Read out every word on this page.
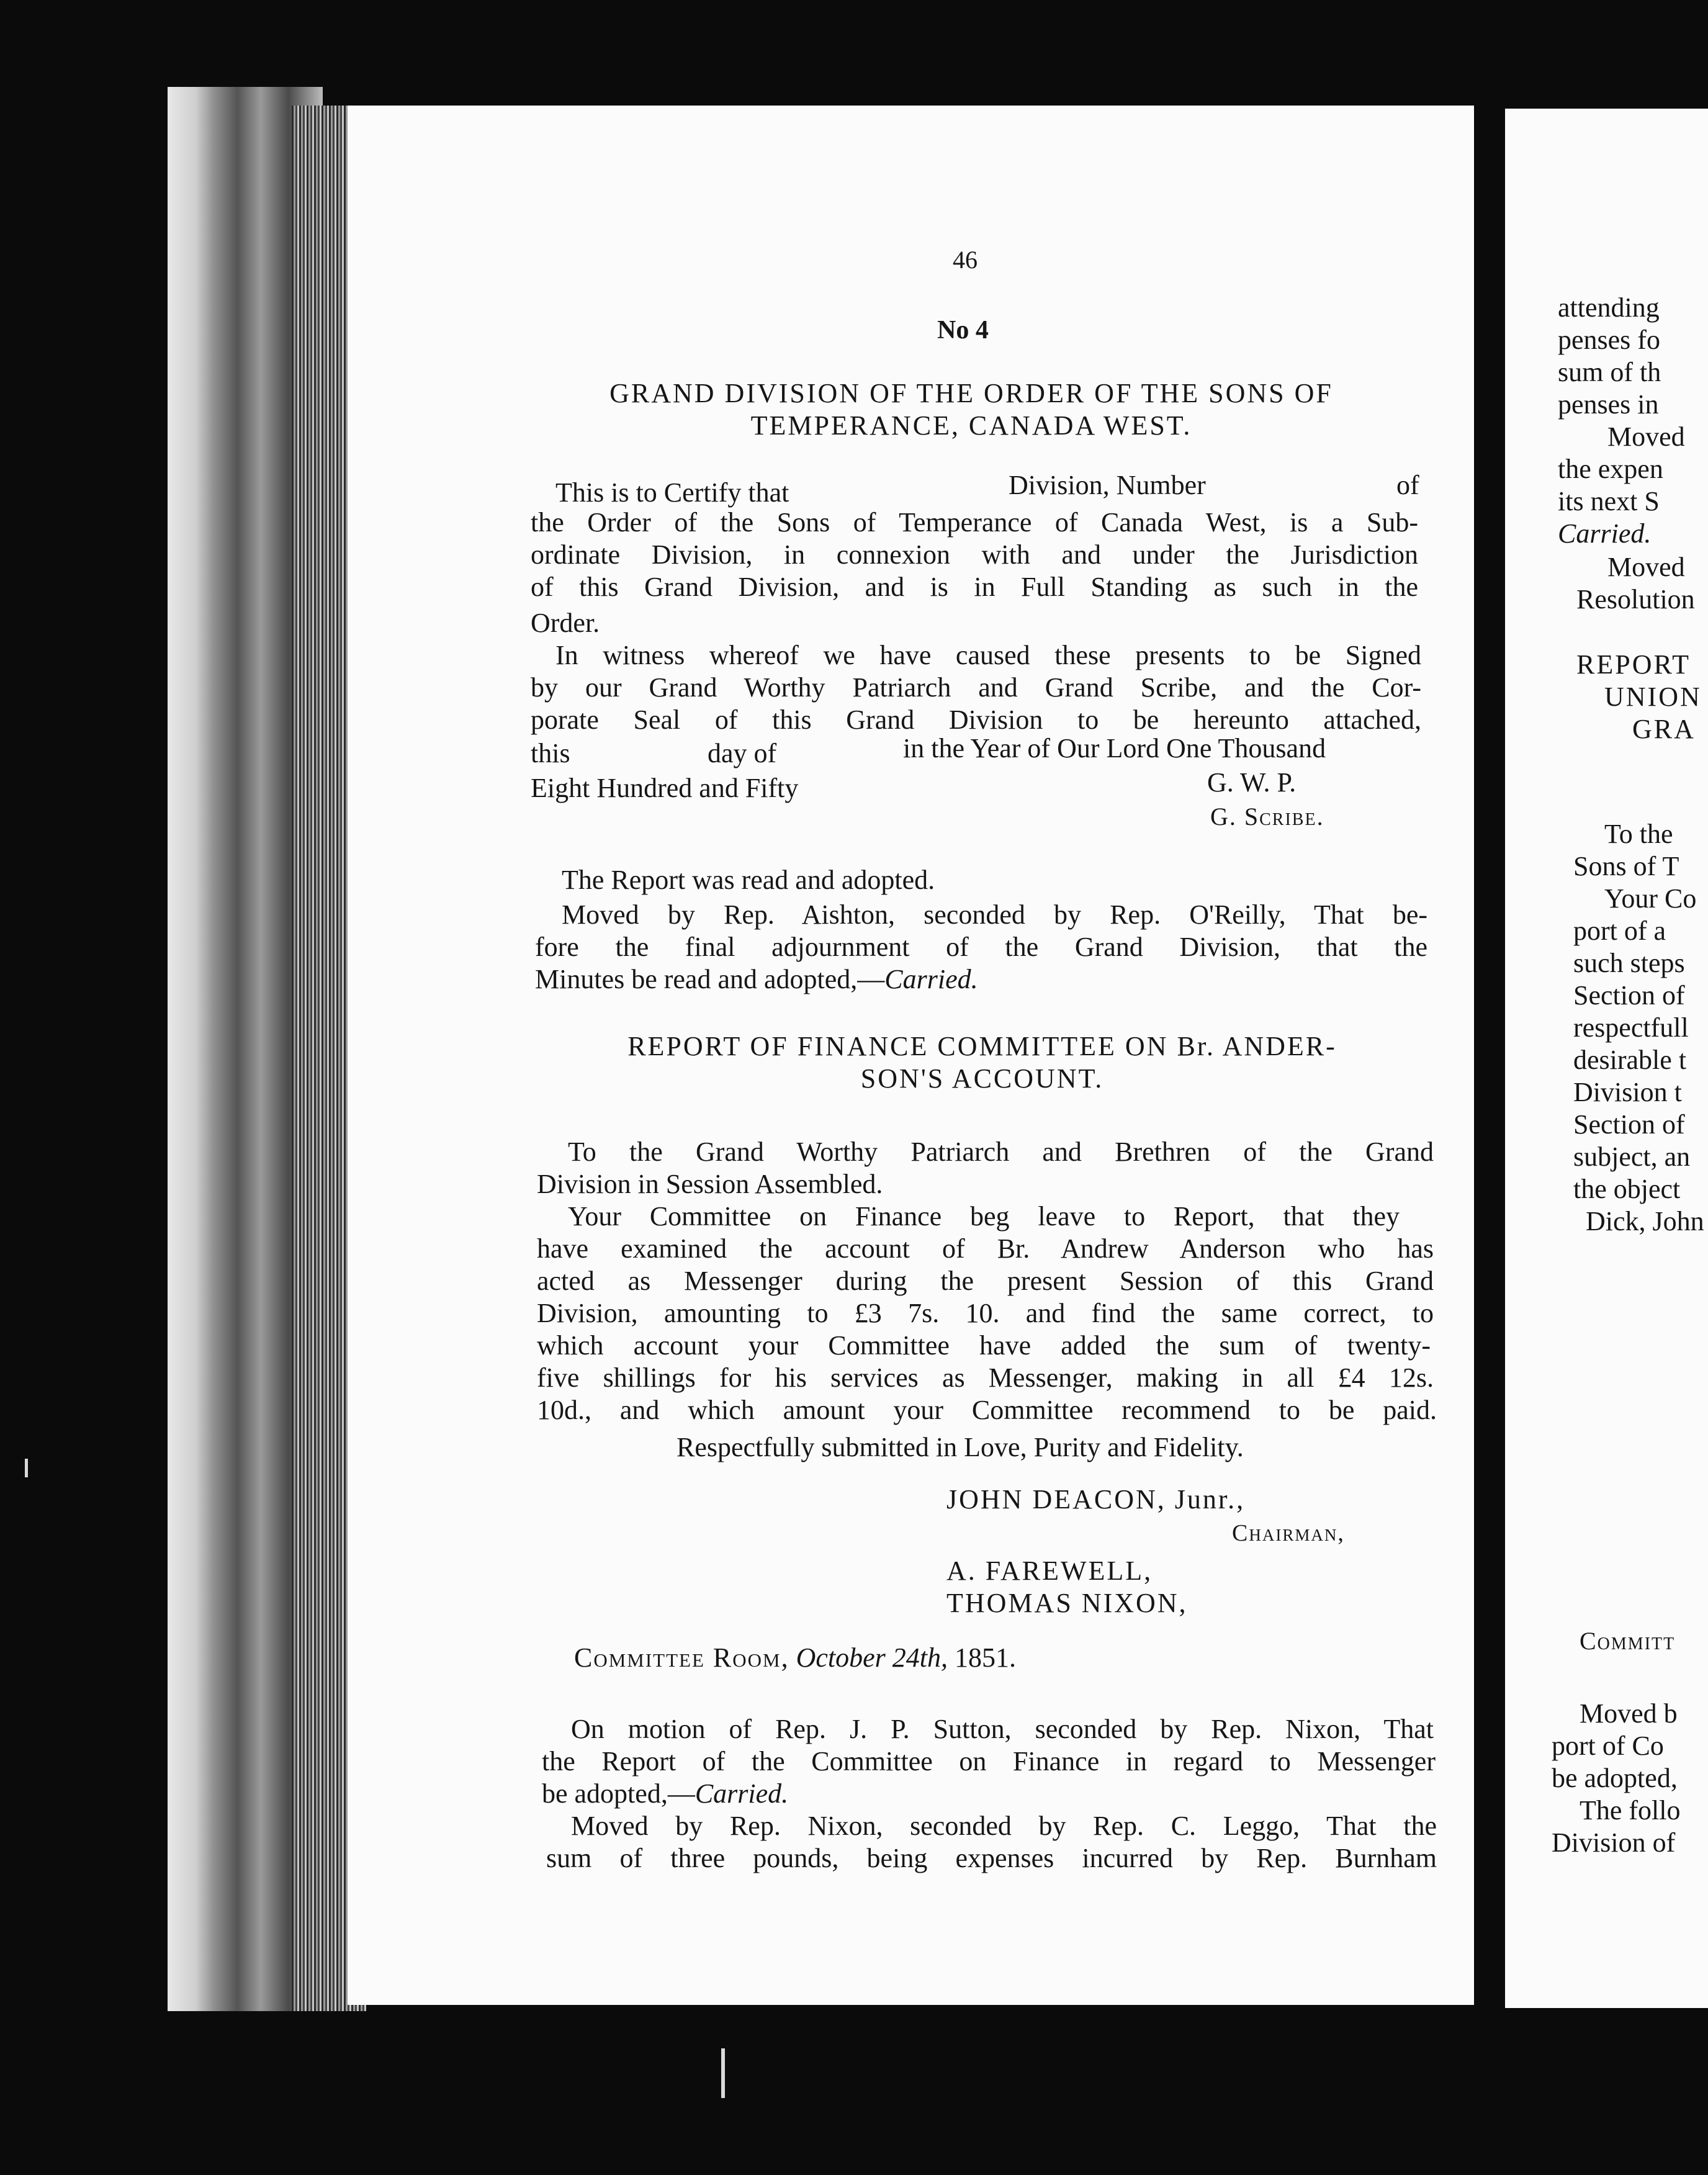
46
No 4
GRAND DIVISION OF THE ORDER OF THE SONS OF
TEMPERANCE, CANADA WEST.
This is to Certify that	Division, Number	of
the Order of the Sons of Temperance of Canada West, is a Sub-
ordinate Division, in connexion with and under the Jurisdiction
of this Grand Division, and is in Full Standing as such in the
Order.
In witness whereof we have caused these presents to be Signed
by our Grand Worthy Patriarch and Grand Scribe, and the Cor-
porate Seal of this Grand Division to be hereunto attached,
this	day of	in the Year of Our Lord One Thousand
Eight Hundred and Fifty	G. W. P.
G. Scribe.
The Report was read and adopted.
Moved by Rep. Aishton, seconded by Rep. O'Reilly, That be-
fore the final adjournment of the Grand Division, that the
Minutes be read and adopted,—Carried.
REPORT OF FINANCE COMMITTEE ON Br. ANDER-
SON'S ACCOUNT.
To the Grand Worthy Patriarch and Brethren of the Grand
Division in Session Assembled.
Your Committee on Finance beg leave to Report, that they
have examined the account of Br. Andrew Anderson who has
acted as Messenger during the present Session of this Grand
Division, amounting to £3 7s. 10. and find the same correct, to
which account your Committee have added the sum of twenty-
five shillings for his services as Messenger, making in all £4 12s.
10d., and which amount your Committee recommend to be paid.
Respectfully submitted in Love, Purity and Fidelity.
JOHN DEACON, Junr.,
Chairman,
A. FAREWELL,
THOMAS NIXON,
Committee Room, October 24th, 1851.
On motion of Rep. J. P. Sutton, seconded by Rep. Nixon, That
the Report of the Committee on Finance in regard to Messenger
be adopted,—Carried.
Moved by Rep. Nixon, seconded by Rep. C. Leggo, That the
sum of three pounds, being expenses incurred by Rep. Burnham
attending
penses fo
sum of th
penses in
Moved
the expen
its next S
Carried.
Moved
Resolution
REPORT
UNION
GRA
To the
Sons of T
Your Co
port of a
such steps
Section of
respectfull
desirable t
Division t
Section of
subject, an
the object
Dick, John
Committ
Moved b
port of Co
be adopted,
The follo
Division of
